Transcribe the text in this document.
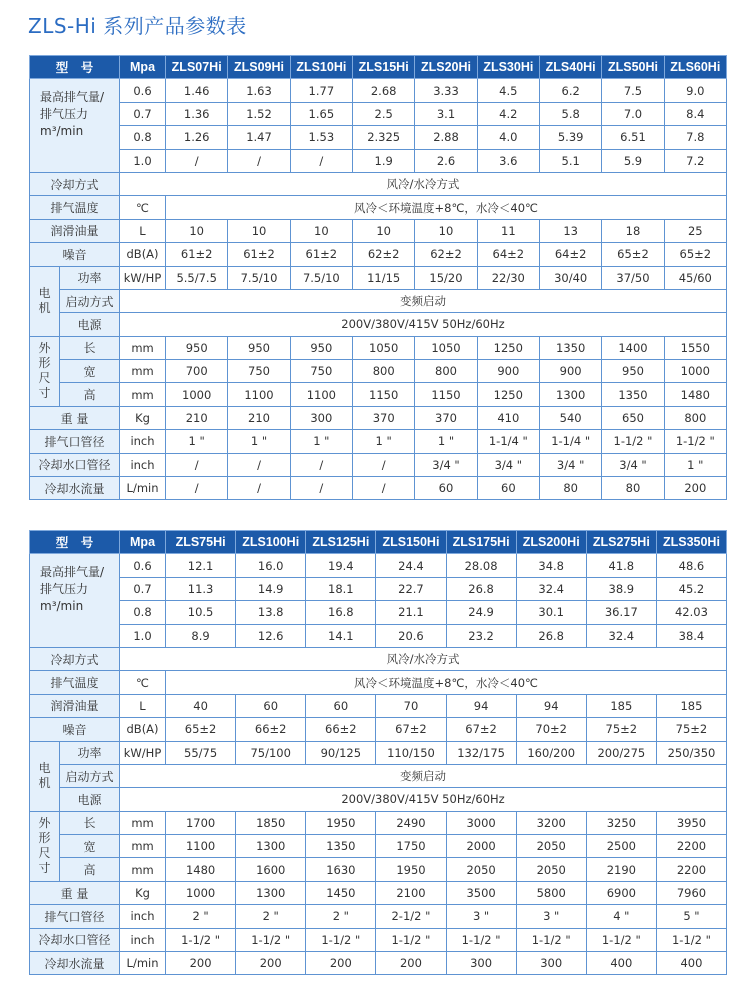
ZLS-Hi 系列产品参数表
型　号		Mpa	ZLS07Hi	ZLS09Hi	ZLS10Hi	ZLS15Hi	ZLS20Hi	ZLS30Hi	ZLS40Hi	ZLS50Hi	ZLS60Hi

最高排气量/
排气压力
m³/min		0.6	1.46	1.63	1.77	2.68	3.33	4.5	6.2	7.5	9.0
		0.7	1.36	1.52	1.65	2.5	3.1	4.2	5.8	7.0	8.4
		0.8	1.26	1.47	1.53	2.325	2.88	4.0	5.39	6.51	7.8
		1.0	/	/	/	1.9	2.6	3.6	5.1	5.9	7.2
冷却方式		风冷/水冷方式									
排气温度		℃	风冷＜环境温度+8℃，水冷＜40℃								
润滑油量		L	10	10	10	10	10	11	13	18	25
噪音		dB(A)	61±2	61±2	61±2	62±2	62±2	64±2	64±2	65±2	65±2
电机	功率	kW/HP	5.5/7.5	7.5/10	7.5/10	11/15	15/20	22/30	30/40	37/50	45/60
	启动方式	变频启动									
	电源	200V/380V/415V 50Hz/60Hz									
外形尺寸	长	mm	950	950	950	1050	1050	1250	1350	1400	1550
	宽	mm	700	750	750	800	800	900	900	950	1000
	高	mm	1000	1100	1100	1150	1150	1250	1300	1350	1480
重 量		Kg	210	210	300	370	370	410	540	650	800
排气口管径		inch	1 "	1 "	1 "	1 "	1 "	1-1/4 "	1-1/4 "	1-1/2 "	1-1/2 "
冷却水口管径		inch	/	/	/	/	3/4 "	3/4 "	3/4 "	3/4 "	1 "
冷却水流量		L/min	/	/	/	/	60	60	80	80	200
型　号		Mpa	ZLS75Hi	ZLS100Hi	ZLS125Hi	ZLS150Hi	ZLS175Hi	ZLS200Hi	ZLS275Hi	ZLS350Hi

最高排气量/
排气压力
m³/min		0.6	12.1	16.0	19.4	24.4	28.08	34.8	41.8	48.6
		0.7	11.3	14.9	18.1	22.7	26.8	32.4	38.9	45.2
		0.8	10.5	13.8	16.8	21.1	24.9	30.1	36.17	42.03
		1.0	8.9	12.6	14.1	20.6	23.2	26.8	32.4	38.4
冷却方式		风冷/水冷方式								
排气温度		℃	风冷＜环境温度+8℃，水冷＜40℃							
润滑油量		L	40	60	60	70	94	94	185	185
噪音		dB(A)	65±2	66±2	66±2	67±2	67±2	70±2	75±2	75±2
电机	功率	kW/HP	55/75	75/100	90/125	110/150	132/175	160/200	200/275	250/350
	启动方式	变频启动								
	电源	200V/380V/415V 50Hz/60Hz								
外形尺寸	长	mm	1700	1850	1950	2490	3000	3200	3250	3950
	宽	mm	1100	1300	1350	1750	2000	2050	2500	2200
	高	mm	1480	1600	1630	1950	2050	2050	2190	2200
重 量		Kg	1000	1300	1450	2100	3500	5800	6900	7960
排气口管径		inch	2 "	2 "	2 "	2-1/2 "	3 "	3 "	4 "	5 "
冷却水口管径		inch	1-1/2 "	1-1/2 "	1-1/2 "	1-1/2 "	1-1/2 "	1-1/2 "	1-1/2 "	1-1/2 "
冷却水流量		L/min	200	200	200	200	300	300	400	400
